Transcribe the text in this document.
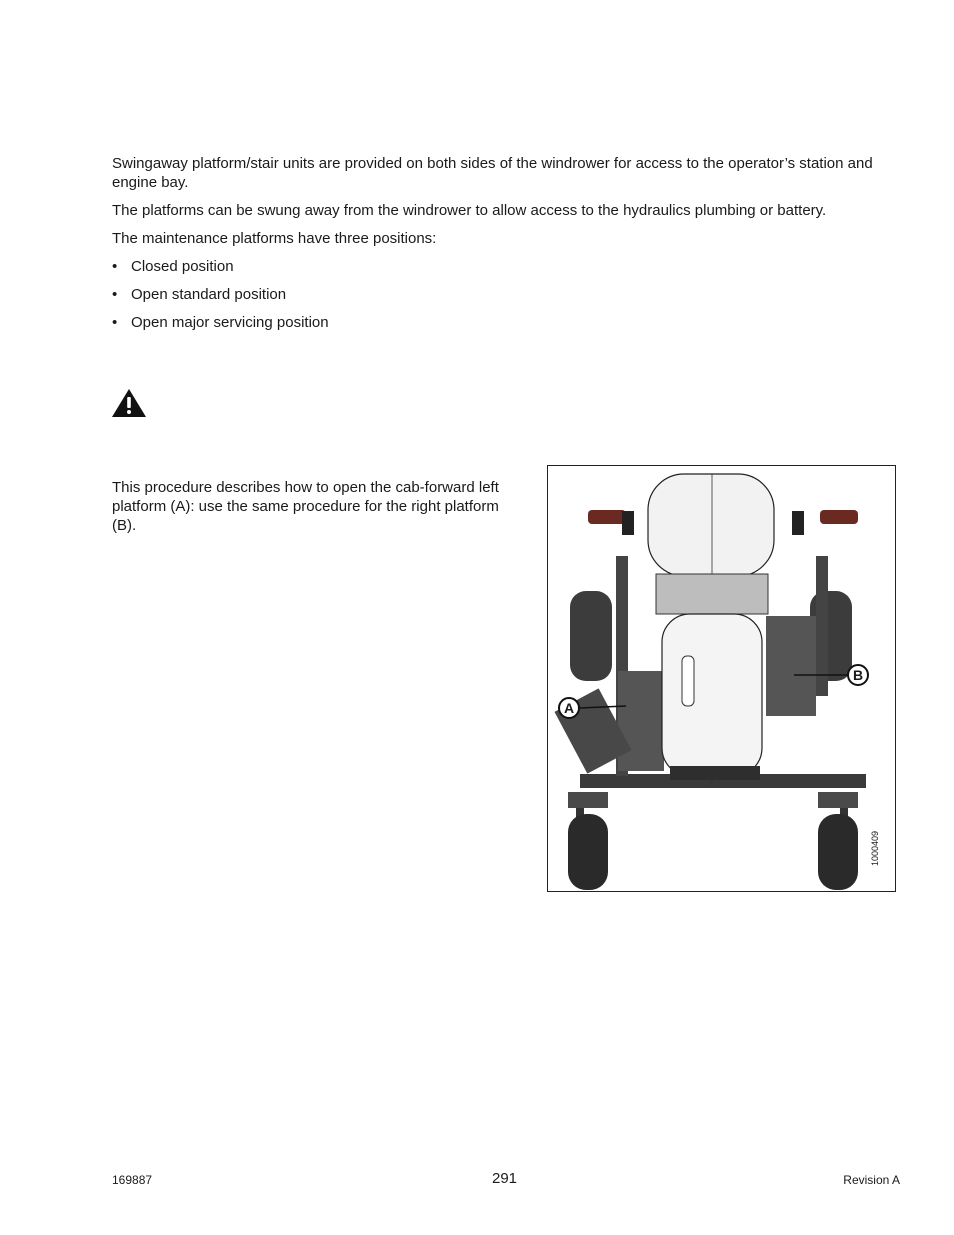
Swingaway platform/stair units are provided on both sides of the windrower for access to the operator’s station and engine bay.

The platforms can be swung away from the windrower to allow access to the hydraulics plumbing or battery.

The maintenance platforms have three positions:

• Closed position
• Open standard position
• Open major servicing position

This procedure describes how to open the cab-forward left platform (A): use the same procedure for the right platform (B).

A
B
1000409
169887	291	Revision A
